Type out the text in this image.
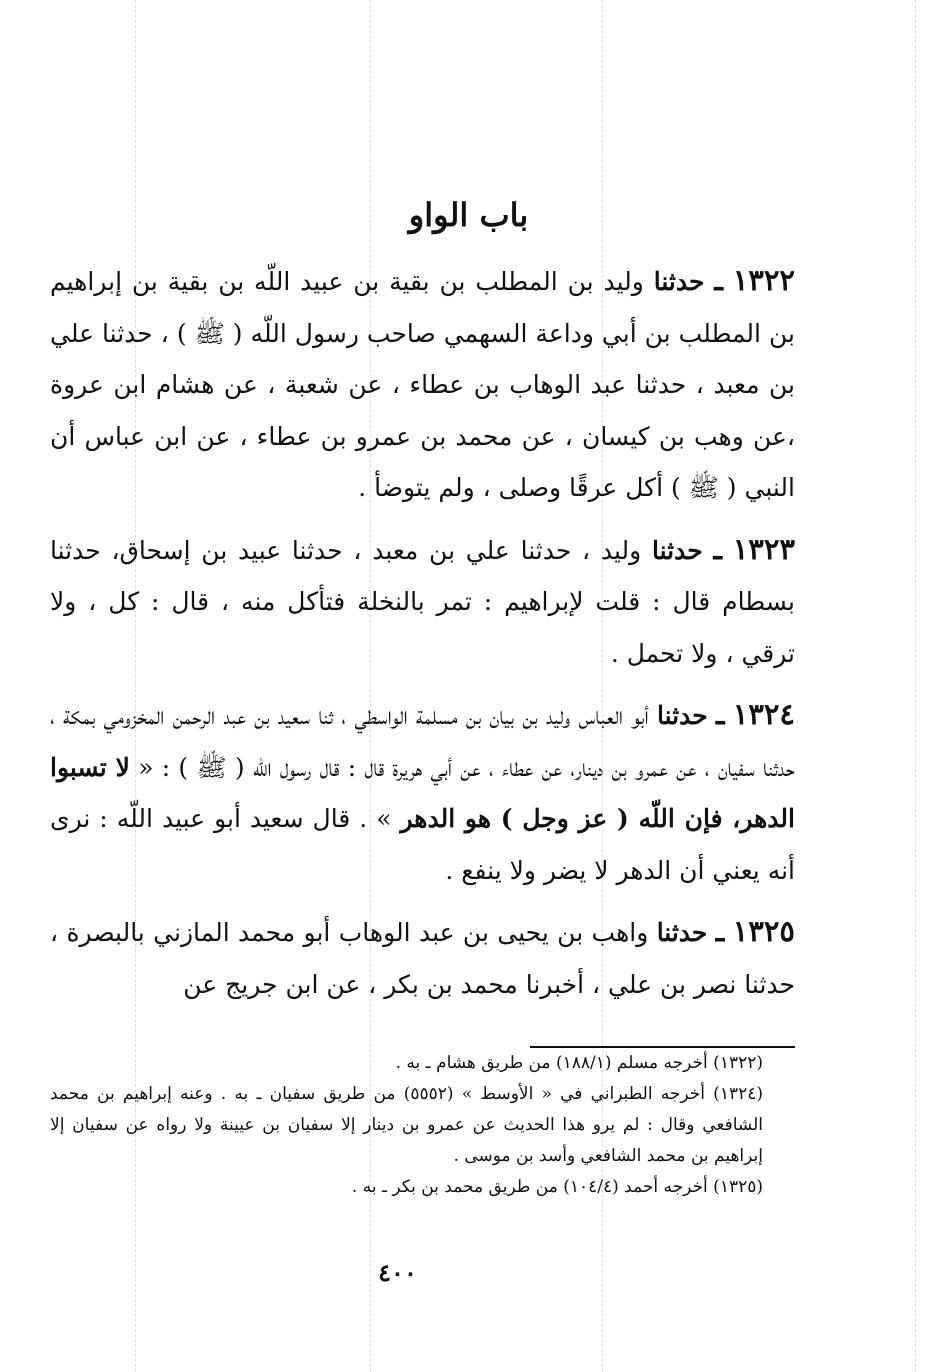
باب الواو

١٣٢٢ ـ حدثنا وليد بن المطلب بن بقية بن عبيد اللّه بن بقية بن إبراهيم بن المطلب بن أبي وداعة السهمي صاحب رسول اللّه ( ﷺ ) ، حدثنا علي بن معبد ، حدثنا عبد الوهاب بن عطاء ، عن شعبة ، عن هشام ابن عروة ،عن وهب بن كيسان ، عن محمد بن عمرو بن عطاء ، عن ابن عباس أن النبي ( ﷺ ) أكل عرقًا وصلى ، ولم يتوضأ .

١٣٢٣ ـ حدثنا وليد ، حدثنا علي بن معبد ، حدثنا عبيد بن إسحاق، حدثنا بسطام قال : قلت لإبراهيم : تمر بالنخلة فتأكل منه ، قال : كل ، ولا ترقي ، ولا تحمل .

١٣٢٤ ـ حدثنا أبو العباس وليد بن بيان بن مسلمة الواسطي ، ثنا سعيد بن عبد الرحمن المخزومي بمكة ، حدثنا سفيان ، عن عمرو بن دينار، عن عطاء ، عن أبي هريرة قال : قال رسول اللّه ( ﷺ ) : « لا تسبوا الدهر، فإن اللّه ( عز وجل ) هو الدهر » . قال سعيد أبو عبيد اللّه : نرى أنه يعني أن الدهر لا يضر ولا ينفع .

١٣٢٥ ـ حدثنا واهب بن يحيى بن عبد الوهاب أبو محمد المازني بالبصرة ، حدثنا نصر بن علي ، أخبرنا محمد بن بكر ، عن ابن جريج عن

(١٣٢٢) أخرجه مسلم (١٨٨/١) من طريق هشام ـ به .

(١٣٢٤) أخرجه الطبراني في « الأوسط » (٥٥٥٢) من طريق سفيان ـ به . وعنه إبراهيم بن محمد الشافعي وقال : لم يرو هذا الحديث عن عمرو بن دينار إلا سفيان بن عيينة ولا رواه عن سفيان إلا إبراهيم بن محمد الشافعي وأسد بن موسى .

(١٣٢٥) أخرجه أحمد (١٠٤/٤) من طريق محمد بن بكر ـ به .

٤٠٠
